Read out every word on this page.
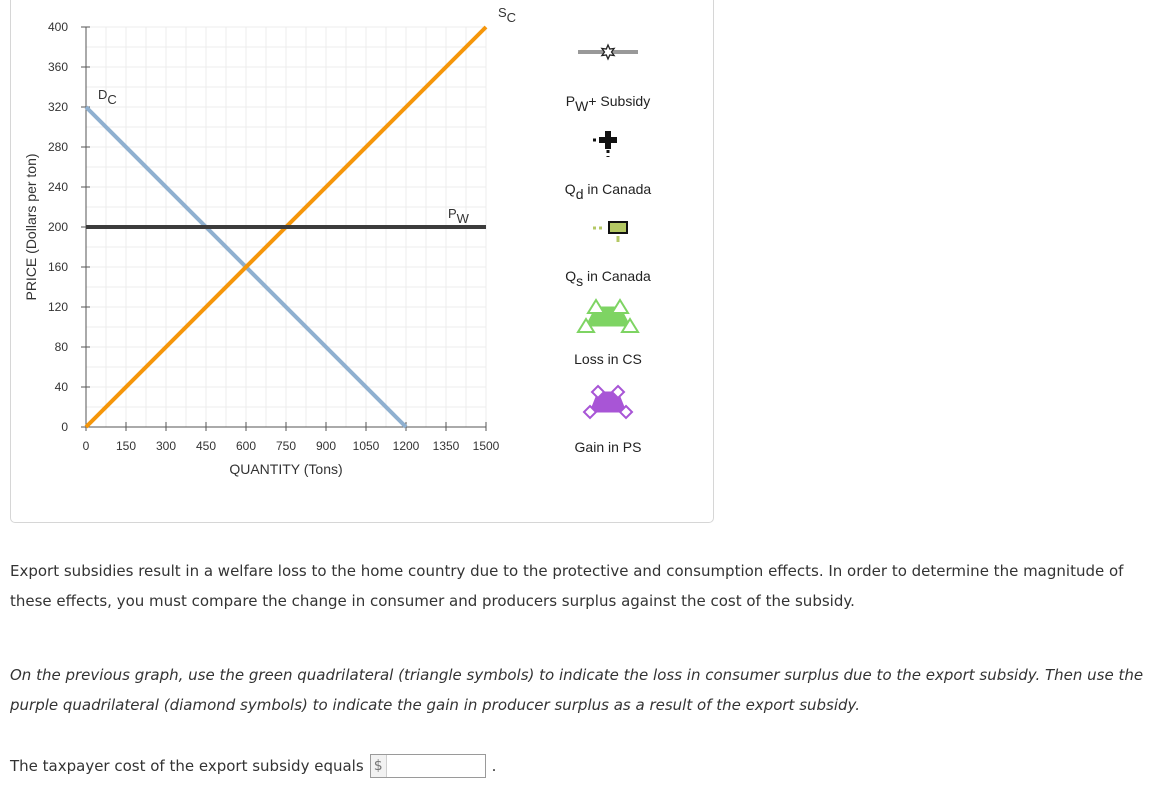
0
40
80
120
160
200
240
280
320
360
400
0 150 300 450 600 750 900 1050 1200 1350 1500
QUANTITY (Tons)
PRICE (Dollars per ton)
DC
SC
PW
PW+ Subsidy
Qd in Canada
Qs in Canada
Loss in CS
Gain in PS

Export subsidies result in a welfare loss to the home country due to the protective and consumption effects. In order to determine the magnitude of these effects, you must compare the change in consumer and producers surplus against the cost of the subsidy.

On the previous graph, use the green quadrilateral (triangle symbols) to indicate the loss in consumer surplus due to the export subsidy. Then use the purple quadrilateral (diamond symbols) to indicate the gain in producer surplus as a result of the export subsidy.

The taxpayer cost of the export subsidy equals $	.
